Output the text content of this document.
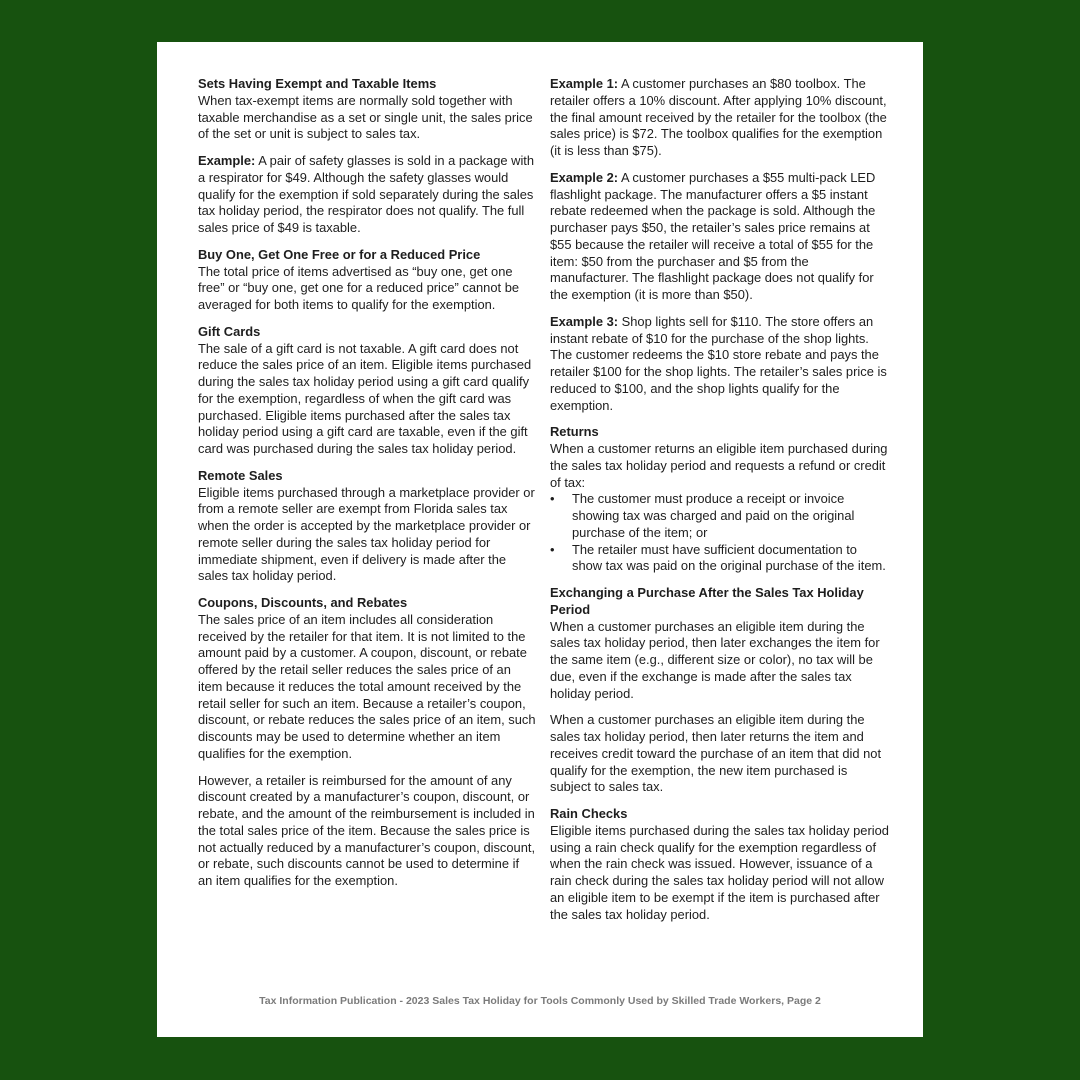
Sets Having Exempt and Taxable Items

When tax-exempt items are normally sold together with taxable merchandise as a set or single unit, the sales price of the set or unit is subject to sales tax.

Example: A pair of safety glasses is sold in a package with a respirator for $49. Although the safety glasses would qualify for the exemption if sold separately during the sales tax holiday period, the respirator does not qualify. The full sales price of $49 is taxable.

Buy One, Get One Free or for a Reduced Price

The total price of items advertised as “buy one, get one free” or “buy one, get one for a reduced price” cannot be averaged for both items to qualify for the exemption.

Gift Cards

The sale of a gift card is not taxable. A gift card does not reduce the sales price of an item. Eligible items purchased during the sales tax holiday period using a gift card qualify for the exemption, regardless of when the gift card was purchased. Eligible items purchased after the sales tax holiday period using a gift card are taxable, even if the gift card was purchased during the sales tax holiday period.

Remote Sales

Eligible items purchased through a marketplace provider or from a remote seller are exempt from Florida sales tax when the order is accepted by the marketplace provider or remote seller during the sales tax holiday period for immediate shipment, even if delivery is made after the sales tax holiday period.

Coupons, Discounts, and Rebates

The sales price of an item includes all consideration received by the retailer for that item. It is not limited to the amount paid by a customer. A coupon, discount, or rebate offered by the retail seller reduces the sales price of an item because it reduces the total amount received by the retail seller for such an item. Because a retailer’s coupon, discount, or rebate reduces the sales price of an item, such discounts may be used to determine whether an item qualifies for the exemption.

However, a retailer is reimbursed for the amount of any discount created by a manufacturer’s coupon, discount, or rebate, and the amount of the reimbursement is included in the total sales price of the item. Because the sales price is not actually reduced by a manufacturer’s coupon, discount, or rebate, such discounts cannot be used to determine if an item qualifies for the exemption.

Example 1: A customer purchases an $80 toolbox. The retailer offers a 10% discount. After applying 10% discount, the final amount received by the retailer for the toolbox (the sales price) is $72. The toolbox qualifies for the exemption (it is less than $75).

Example 2: A customer purchases a $55 multi-pack LED flashlight package. The manufacturer offers a $5 instant rebate redeemed when the package is sold. Although the purchaser pays $50, the retailer’s sales price remains at $55 because the retailer will receive a total of $55 for the item: $50 from the purchaser and $5 from the manufacturer. The flashlight package does not qualify for the exemption (it is more than $50).

Example 3: Shop lights sell for $110. The store offers an instant rebate of $10 for the purchase of the shop lights. The customer redeems the $10 store rebate and pays the retailer $100 for the shop lights. The retailer’s sales price is reduced to $100, and the shop lights qualify for the exemption.

Returns
When a customer returns an eligible item purchased during the sales tax holiday period and requests a refund or credit of tax:
• The customer must produce a receipt or invoice showing tax was charged and paid on the original purchase of the item; or
• The retailer must have sufficient documentation to show tax was paid on the original purchase of the item.
Exchanging a Purchase After the Sales Tax Holiday Period

When a customer purchases an eligible item during the sales tax holiday period, then later exchanges the item for the same item (e.g., different size or color), no tax will be due, even if the exchange is made after the sales tax holiday period.

When a customer purchases an eligible item during the sales tax holiday period, then later returns the item and receives credit toward the purchase of an item that did not qualify for the exemption, the new item purchased is subject to sales tax.

Rain Checks

Eligible items purchased during the sales tax holiday period using a rain check qualify for the exemption regardless of when the rain check was issued. However, issuance of a rain check during the sales tax holiday period will not allow an eligible item to be exempt if the item is purchased after the sales tax holiday period.

Tax Information Publication - 2023 Sales Tax Holiday for Tools Commonly Used by Skilled Trade Workers, Page 2
